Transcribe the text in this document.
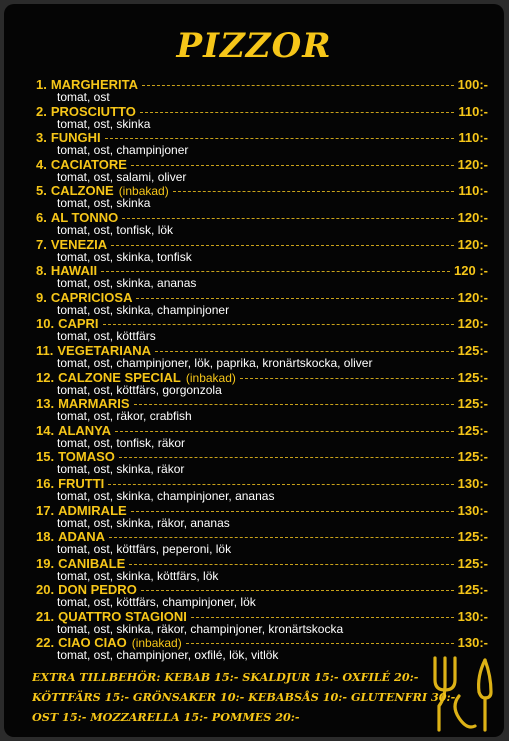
PIZZOR
1. MARGHERITA	100:-
tomat, ost
2. PROSCIUTTO	110:-
tomat, ost, skinka
3. FUNGHI	110:-
tomat, ost, champinjoner
4. CACIATORE	120:-
tomat, ost, salami, oliver
5. CALZONE (inbakad)	110:-
tomat, ost, skinka
6. AL TONNO	120:-
tomat, ost, tonfisk, lök
7. VENEZIA	120:-
tomat, ost, skinka, tonfisk
8. HAWAII	120 :-
tomat, ost, skinka, ananas
9. CAPRICIOSA	120:-
tomat, ost, skinka, champinjoner
10. CAPRI	120:-
tomat, ost, köttfärs
11. VEGETARIANA	125:-
tomat, ost, champinjoner, lök, paprika, kronärtskocka, oliver
12. CALZONE SPECIAL (inbakad)	125:-
tomat, ost, köttfärs, gorgonzola
13. MARMARIS	125:-
tomat, ost, räkor, crabfish
14. ALANYA	125:-
tomat, ost, tonfisk, räkor
15. TOMASO	125:-
tomat, ost, skinka, räkor
16. FRUTTI	130:-
tomat, ost, skinka, champinjoner, ananas
17. ADMIRALE	130:-
tomat, ost, skinka, räkor, ananas
18. ADANA	125:-
tomat, ost, köttfärs, peperoni, lök
19. CANIBALE	125:-
tomat, ost, skinka, köttfärs, lök
20. DON PEDRO	125:-
tomat, ost, köttfärs, champinjoner, lök
21. QUATTRO STAGIONI	130:-
tomat, ost, skinka, räkor, champinjoner, kronärtskocka
22. CIAO CIAO (inbakad)	130:-
tomat, ost, champinjoner, oxfilé, lök, vitlök
EXTRA TILLBEHÖR: KEBAB 15:- SKALDJUR 15:- OXFILÉ 20:-
KÖTTFÄRS 15:- GRÖNSAKER 10:- KEBABSÅS 10:- GLUTENFRI 30:-
OST 15:- MOZZARELLA 15:- POMMES 20:-
